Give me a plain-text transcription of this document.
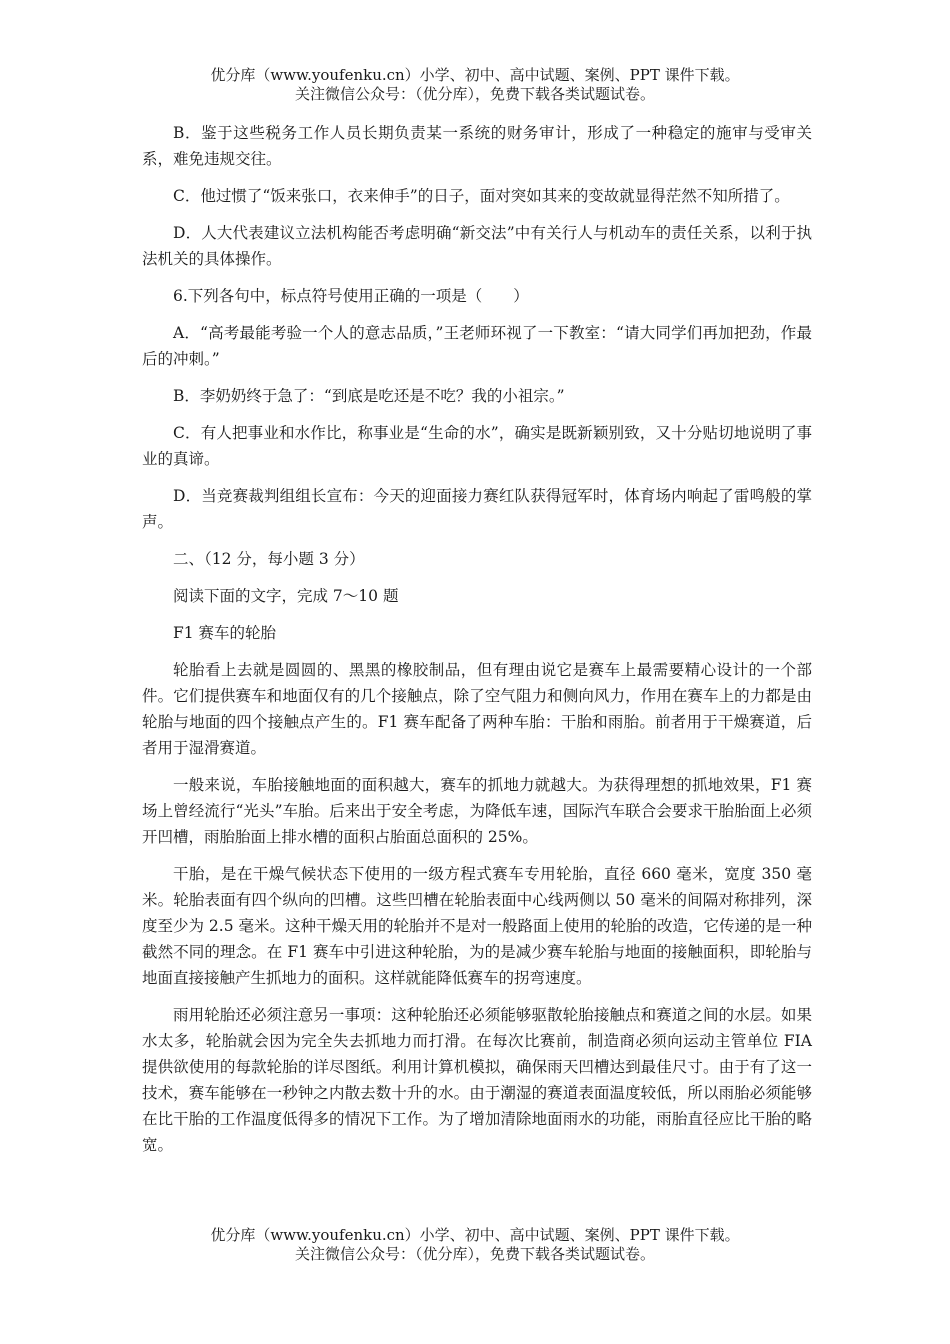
优分库（www.youfenku.cn）小学、初中、高中试题、案例、PPT 课件下载。
关注微信公众号：（优分库），免费下载各类试题试卷。

B．鉴于这些税务工作人员长期负责某一系统的财务审计，形成了一种稳定的施审与受审关系，难免违规交往。

C．他过惯了“饭来张口，衣来伸手”的日子，面对突如其来的变故就显得茫然不知所措了。

D．人大代表建议立法机构能否考虑明确“新交法”中有关行人与机动车的责任关系，以利于执法机关的具体操作。

6.下列各句中，标点符号使用正确的一项是（　　）

A．“高考最能考验一个人的意志品质，”王老师环视了一下教室：“请大同学们再加把劲，作最后的冲刺。”

B．李奶奶终于急了：“到底是吃还是不吃？我的小祖宗。”

C．有人把事业和水作比，称事业是“生命的水”，确实是既新颖别致，又十分贴切地说明了事业的真谛。

D．当竞赛裁判组组长宣布：今天的迎面接力赛红队获得冠军时，体育场内响起了雷鸣般的掌声。

二、（12 分，每小题 3 分）

阅读下面的文字，完成 7～10 题

F1 赛车的轮胎

轮胎看上去就是圆圆的、黑黑的橡胶制品，但有理由说它是赛车上最需要精心设计的一个部件。它们提供赛车和地面仅有的几个接触点，除了空气阻力和侧向风力，作用在赛车上的力都是由轮胎与地面的四个接触点产生的。F1 赛车配备了两种车胎：干胎和雨胎。前者用于干燥赛道，后者用于湿滑赛道。

一般来说，车胎接触地面的面积越大，赛车的抓地力就越大。为获得理想的抓地效果，F1 赛场上曾经流行“光头”车胎。后来出于安全考虑，为降低车速，国际汽车联合会要求干胎胎面上必须开凹槽，雨胎胎面上排水槽的面积占胎面总面积的 25%。

干胎，是在干燥气候状态下使用的一级方程式赛车专用轮胎，直径 660 毫米，宽度 350 毫米。轮胎表面有四个纵向的凹槽。这些凹槽在轮胎表面中心线两侧以 50 毫米的间隔对称排列，深度至少为 2.5 毫米。这种干燥天用的轮胎并不是对一般路面上使用的轮胎的改造，它传递的是一种截然不同的理念。在 F1 赛车中引进这种轮胎，为的是减少赛车轮胎与地面的接触面积，即轮胎与地面直接接触产生抓地力的面积。这样就能降低赛车的拐弯速度。

雨用轮胎还必须注意另一事项：这种轮胎还必须能够驱散轮胎接触点和赛道之间的水层。如果水太多，轮胎就会因为完全失去抓地力而打滑。在每次比赛前，制造商必须向运动主管单位 FIA 提供欲使用的每款轮胎的详尽图纸。利用计算机模拟，确保雨天凹槽达到最佳尺寸。由于有了这一技术，赛车能够在一秒钟之内散去数十升的水。由于潮湿的赛道表面温度较低，所以雨胎必须能够在比干胎的工作温度低得多的情况下工作。为了增加清除地面雨水的功能，雨胎直径应比干胎的略宽。

优分库（www.youfenku.cn）小学、初中、高中试题、案例、PPT 课件下载。
关注微信公众号：（优分库），免费下载各类试题试卷。
